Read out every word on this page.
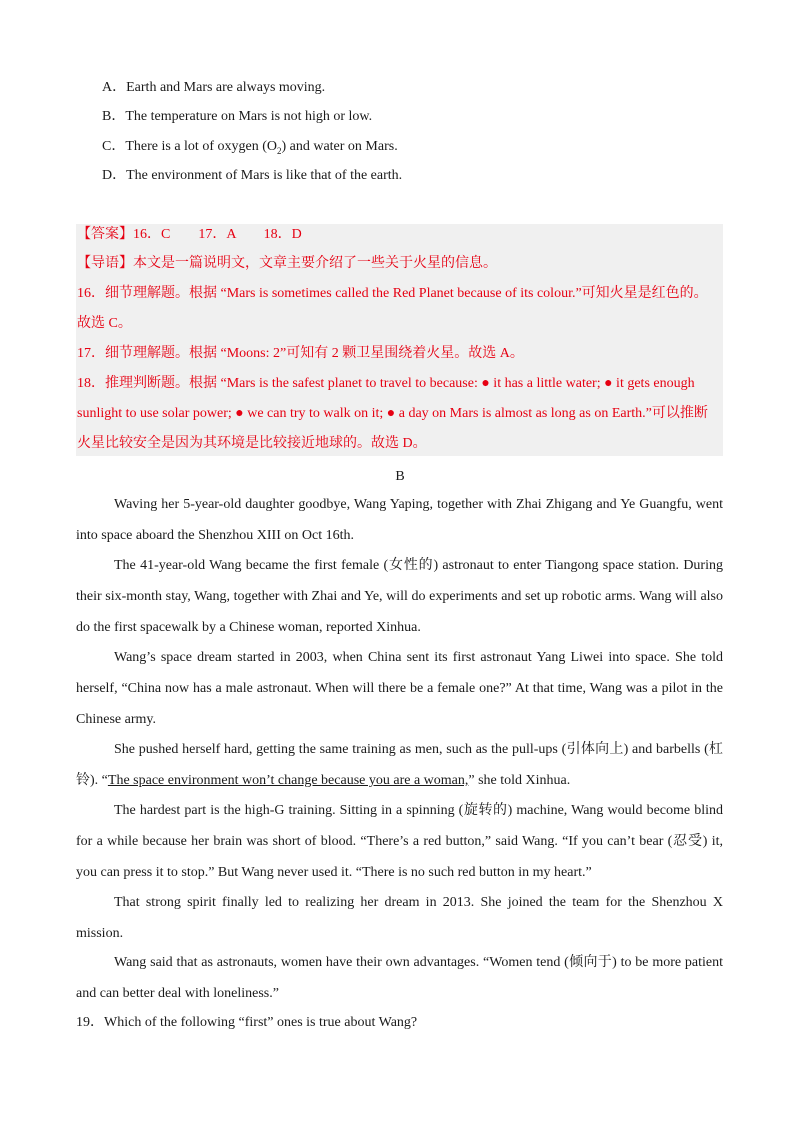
A．Earth and Mars are always moving.
B．The temperature on Mars is not high or low.
C．There is a lot of oxygen $(O_2)$ and water on Mars.
D．The environment of Mars is like that of the earth.
【答案】16．C　　17．A　　18．D
【导语】本文是一篇说明文，文章主要介绍了一些关于火星的信息。
16．细节理解题。根据 “Mars is sometimes called the Red Planet because of its colour.”可知火星是红色的。
故选 C。
17．细节理解题。根据 “Moons: 2”可知有 2 颗卫星围绕着火星。故选 A。
18．推理判断题。根据 “Mars is the safest planet to travel to because: ● it has a little water; ● it gets enough
sunlight to use solar power; ● we can try to walk on it; ● a day on Mars is almost as long as on Earth.”可以推断
火星比较安全是因为其环境是比较接近地球的。故选 D。
B
Waving her 5-year-old daughter goodbye, Wang Yaping, together with Zhai Zhigang and Ye Guangfu, went into space aboard the Shenzhou XIII on Oct 16th.
The 41-year-old Wang became the first female (女性的) astronaut to enter Tiangong space station. During their six-month stay, Wang, together with Zhai and Ye, will do experiments and set up robotic arms. Wang will also do the first spacewalk by a Chinese woman, reported Xinhua.
Wang’s space dream started in 2003, when China sent its first astronaut Yang Liwei into space. She told herself, “China now has a male astronaut. When will there be a female one?” At that time, Wang was a pilot in the Chinese army.
She pushed herself hard, getting the same training as men, such as the pull-ups (引体向上) and barbells (杠铃). “The space environment won’t change because you are a woman,” she told Xinhua.
The hardest part is the high-G training. Sitting in a spinning (旋转的) machine, Wang would become blind for a while because her brain was short of blood. “There’s a red button,” said Wang. “If you can’t bear (忍受) it, you can press it to stop.” But Wang never used it. “There is no such red button in my heart.”
That strong spirit finally led to realizing her dream in 2013. She joined the team for the Shenzhou X mission.
Wang said that as astronauts, women have their own advantages. “Women tend (倾向于) to be more patient and can better deal with loneliness.”
19．Which of the following “first” ones is true about Wang?
